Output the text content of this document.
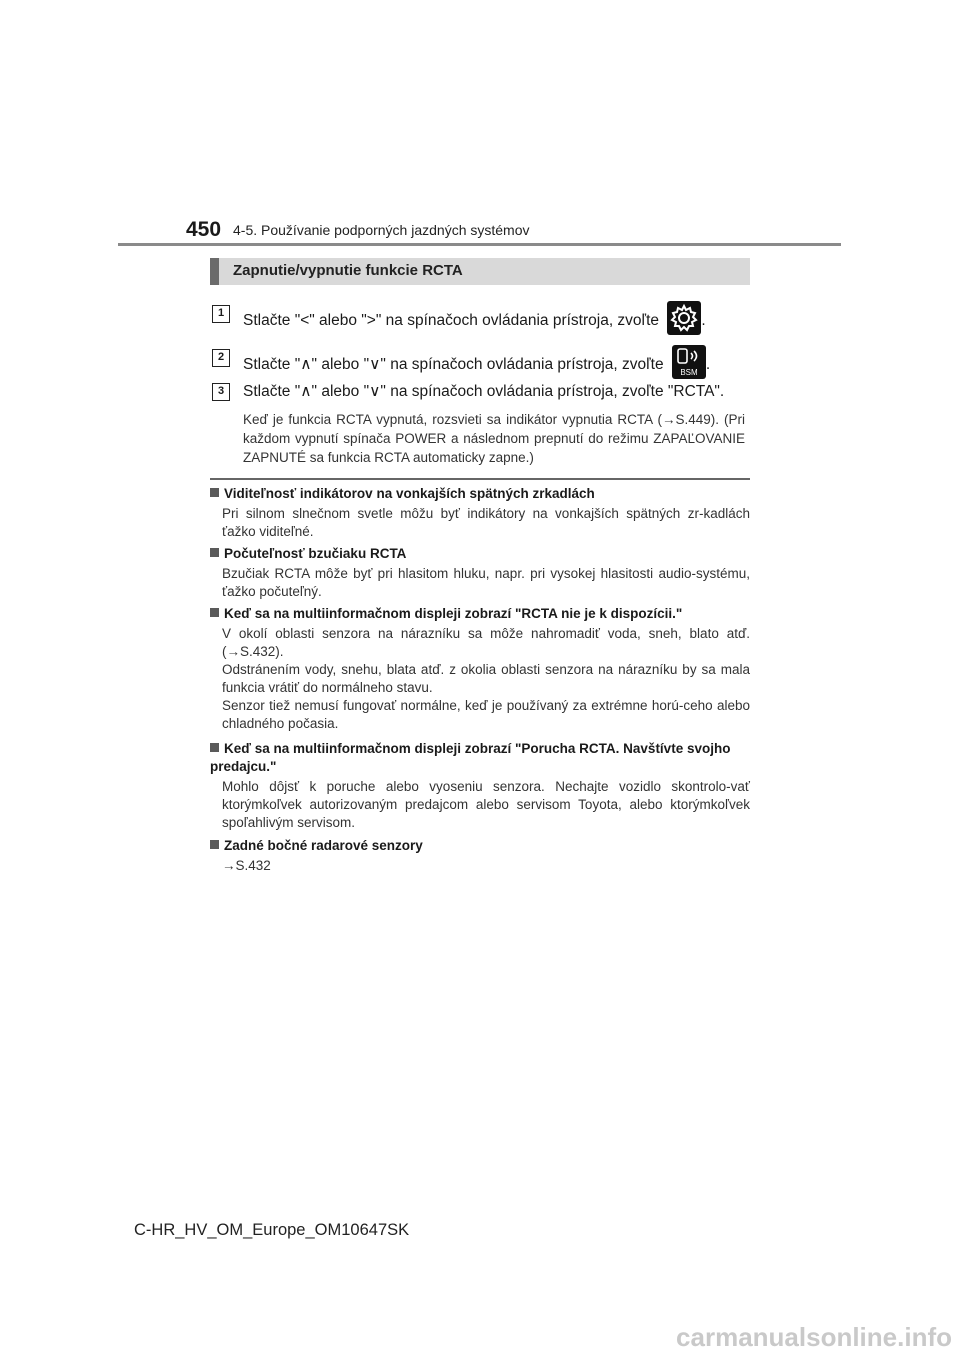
450 4-5. Používanie podporných jazdných systémov
Zapnutie/vypnutie funkcie RCTA
1	Stlačte "<" alebo ">" na spínačoch ovládania prístroja, zvoľte	.
2	Stlačte "∧" alebo "∨" na spínačoch ovládania prístroja, zvoľte BSM .
3	Stlačte "∧" alebo "∨" na spínačoch ovládania prístroja, zvoľte "RCTA".
Keď je funkcia RCTA vypnutá, rozsvieti sa indikátor vypnutia RCTA (→S.449). (Pri každom vypnutí spínača POWER a následnom prepnutí do režimu ZAPAĽOVANIE ZAPNUTÉ sa funkcia RCTA automaticky zapne.)
Viditeľnosť indikátorov na vonkajších spätných zrkadlách
Pri silnom slnečnom svetle môžu byť indikátory na vonkajších spätných zr-kadlách ťažko viditeľné.
Počuteľnosť bzučiaku RCTA
Bzučiak RCTA môže byť pri hlasitom hluku, napr. pri vysokej hlasitosti audio-systému, ťažko počuteľný.
Keď sa na multiinformačnom displeji zobrazí "RCTA nie je k dispozícii."
V okolí oblasti senzora na nárazníku sa môže nahromadiť voda, sneh, blato atď. (→S.432).
Odstránením vody, snehu, blata atď. z okolia oblasti senzora na nárazníku by sa mala funkcia vrátiť do normálneho stavu.
Senzor tiež nemusí fungovať normálne, keď je používaný za extrémne horú-ceho alebo chladného počasia.
Keď sa na multiinformačnom displeji zobrazí "Porucha RCTA. Navštívte svojho predajcu."
Mohlo dôjsť k poruche alebo vyoseniu senzora. Nechajte vozidlo skontrolo-vať ktorýmkoľvek autorizovaným predajcom alebo servisom Toyota, alebo ktorýmkoľvek spoľahlivým servisom.
Zadné bočné radarové senzory
→S.432
C-HR_HV_OM_Europe_OM10647SK
carmanualsonline.info
